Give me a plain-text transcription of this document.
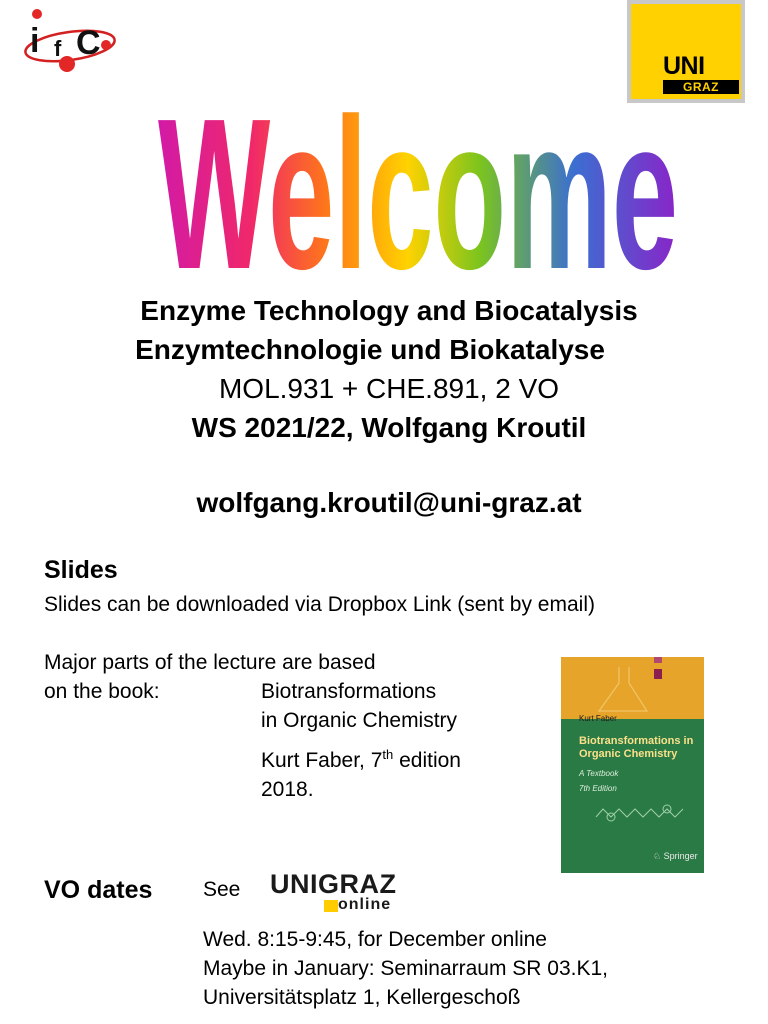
i f C
UNI
GRAZ
Welcome
Enzyme Technology and Biocatalysis
Enzymtechnologie und Biokatalyse
MOL.931 + CHE.891, 2 VO
WS 2021/22, Wolfgang Kroutil
wolfgang.kroutil@uni-graz.at
Slides
Slides can be downloaded via Dropbox Link (sent by email)
Major parts of the lecture are based
on the book:	Biotransformations
in Organic Chemistry
Kurt Faber, 7th edition
2018.
Kurt Faber
Biotransformations in Organic Chemistry
A Textbook
7th Edition
♘ Springer
VO dates See UNIGRAZ
online
Wed. 8:15-9:45, for December online
Maybe in January: Seminarraum SR 03.K1,
Universitätsplatz 1, Kellergeschoß
